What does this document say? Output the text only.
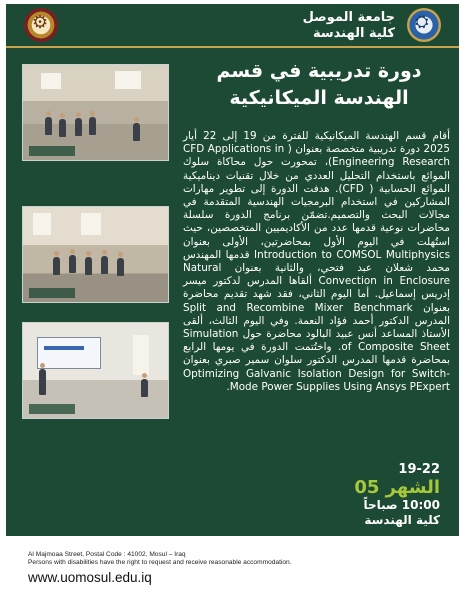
⚙
جامعة الموصل
كلية الهندسة
⛭
دورة تدريبية في قسم الهندسة الميكانيكية
أقام قسم الهندسة الميكانيكية للفترة من 19 إلى 22 أيار 2025 دورة تدريبية متخصصة بعنوان ( CFD Applications in Engineering Research)، تمحورت حول محاكاة سلوك الموائع باستخدام التحليل العددي من خلال تقنيات ديناميكية الموائع الحسابية ( CFD). هدفت الدورة إلى تطوير مهارات المشاركين في استخدام البرمجيات الهندسية المتقدمة في مجالات البحث والتصميم.تضمّن برنامج الدورة سلسلة محاضرات نوعية قدمها عدد من الأكاديميين المتخصصين، حيث استُهلت في اليوم الأول بمحاضرتين، الأولى بعنوان Introduction to COMSOL Multiphysics قدمها المهندس محمد شعلان عبد فتحي، والثانية بعنوان Natural Convection in Enclosure ألقاها المدرس لدكتور ميسر إدريس إسماعيل. أما اليوم الثاني، فقد شهد تقديم محاضرة بعنوان Split and Recombine Mixer Benchmark المدرس الدكتور أحمد فؤاد النعمة. وفي اليوم الثالث، ألقى الأستاذ المساعد أنس عبيد البالود محاضرة حول Simulation of Composite Sheet. واختُتمت الدورة في يومها الرابع بمحاضرة قدمها المدرس الدكتور سلوان سمير صبري بعنوان Optimizing Galvanic Isolation Design for Switch-Mode Power Supplies Using Ansys PExpert.
19-22
الشهر 05
10:00 صباحاً
كلية الهندسة
Al Majmoaa Street, Postal Code : 41002, Mosul – Iraq
Persons with disabilities have the right to request and receive reasonable accommodation.
www.uomosul.edu.iq
